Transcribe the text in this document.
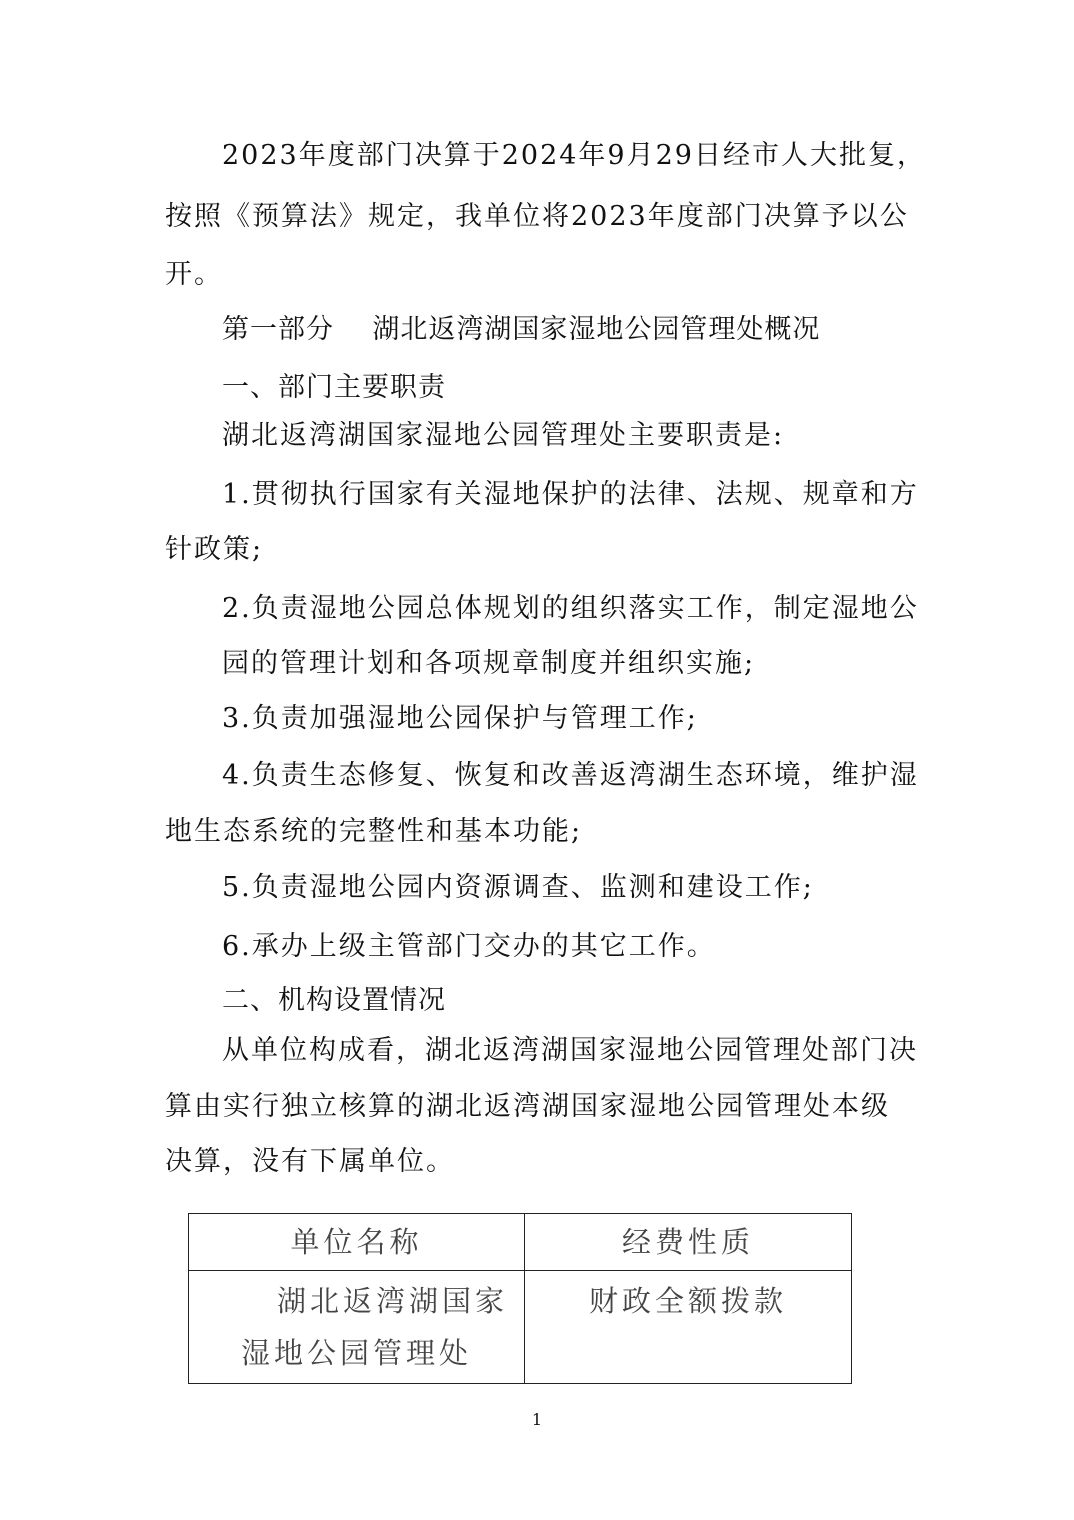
2023年度部门决算于2024年9月29日经市人大批复，
按照《预算法》规定，我单位将2023年度部门决算予以公
开。
第一部分    湖北返湾湖国家湿地公园管理处概况
一、部门主要职责
湖北返湾湖国家湿地公园管理处主要职责是:
1.贯彻执行国家有关湿地保护的法律、法规、规章和方
针政策;
2.负责湿地公园总体规划的组织落实工作，制定湿地公
园的管理计划和各项规章制度并组织实施;
3.负责加强湿地公园保护与管理工作;
4.负责生态修复、恢复和改善返湾湖生态环境，维护湿
地生态系统的完整性和基本功能;
5.负责湿地公园内资源调查、监测和建设工作;
6.承办上级主管部门交办的其它工作。
二、机构设置情况
从单位构成看，湖北返湾湖国家湿地公园管理处部门决
算由实行独立核算的湖北返湾湖国家湿地公园管理处本级
决算，没有下属单位。
单位名称	经费性质

湖北返湾湖国家
湿地公园管理处	财政全额拨款
1
